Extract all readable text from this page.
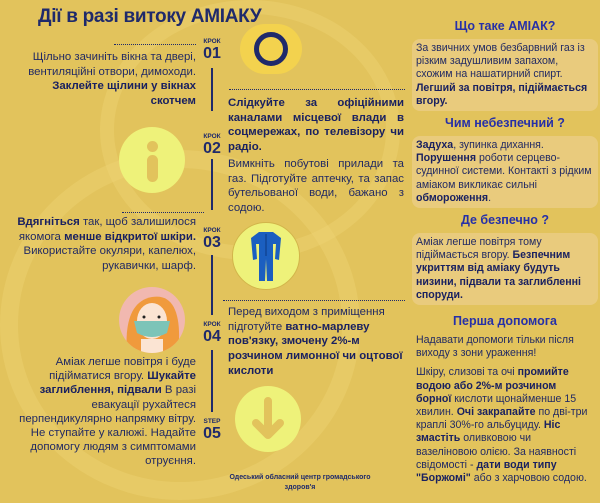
Дії в разі витоку АМІАКУ
КРОК
01
КРОК
02
КРОК
03
КРОК
04
STEP
05
Щільно зачиніть вікна та двері, вентиляційні отвори, димоходи. Заклейте щілини у вікнах скотчем
Вдягніться так, щоб залишилося якомога менше відкритої шкіри. Використайте окуляри, капелюх, рукавички, шарф.
Аміак легше повітря і буде підійматися вгору. Шукайте заглиблення, підвали В разі евакуації рухайтеся перпендикулярно напрямку вітру. Не ступайте у калюжі. Надайте допомогу людям з симптомами отруєння.
Слідкуйте за офіційними каналами місцевої влади в соцмережах, по телевізору чи радіо.
Вимкніть побутові прилади та газ. Підготуйте аптечку, та запас бутельованої води, бажано з содою.
Перед виходом з приміщення підготуйте ватно-марлеву пов'язку, змочену 2%-м розчином лимонної чи оцтової кислоти
Одеський обласний центр громадського здоров'я
Що таке АМІАК?
За звичних умов безбарвний газ із різким задушливим запахом, схожим на нашатирний спирт. Легший за повітря, підіймається вгору.
Чим небезпечний ?
Задуха, зупинка дихання. Порушення роботи серцево-судинної системи. Контакті з рідким аміаком викликає сильні обмороження.
Де безпечно ?
Аміак легше повітря тому підіймається вгору. Безпечним укриттям від аміаку будуть низини, підвали та заглибленні споруди.
Перша допомога
Надавати допомоги тільки після виходу з зони ураження!
Шкіру, слизові та очі промийте водою або 2%-м розчином борної кислоти щонайменше 15 хвилин. Очі закрапайте по дві-три краплі 30%-го альбуциду. Ніс змастіть оливковою чи вазеліновою олією. За наявності свідомості - дати води типу "Боржомі" або з харчовою содою.
